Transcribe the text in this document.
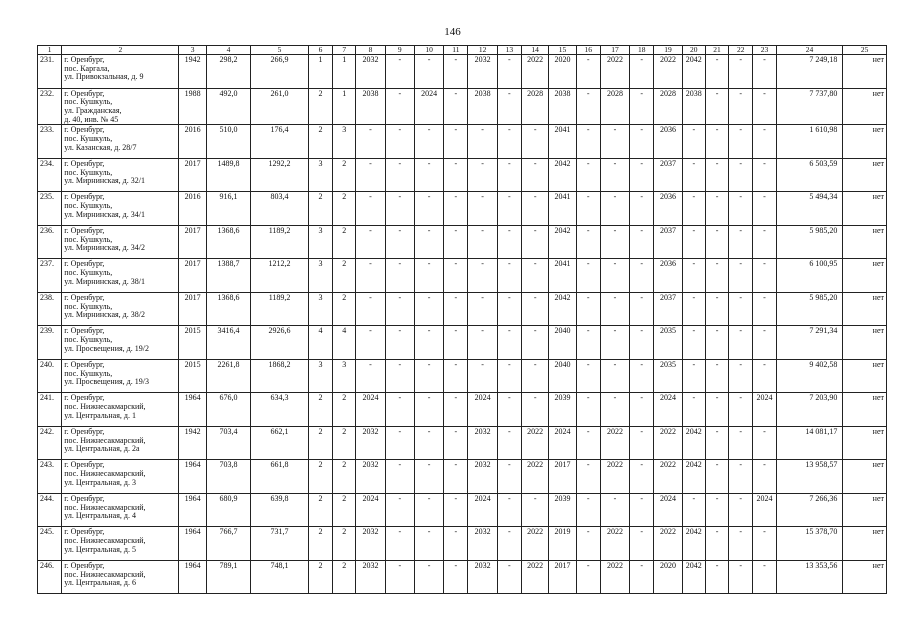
146
1	2	3	4	5	6	7	8	9	10	11	12	13	14	15	16	17	18	19	20	21	22	23	24	25
231.	г. Оренбург,
пос. Каргала,
ул. Привокзальная, д. 9	1942	298,2	266,9	1	1	2032	-	-	-	2032	-	2022	2020	-	2022	-	2022	2042	-	-	-	7 249,18	нет
232.	г. Оренбург,
пос. Кушкуль,
ул. Гражданская,
д. 40, инв. № 45	1988	492,0	261,0	2	1	2038	-	2024	-	2038	-	2028	2038	-	2028	-	2028	2038	-	-	-	7 737,80	нет
233.	г. Оренбург,
пос. Кушкуль,
ул. Казанская, д. 28/7	2016	510,0	176,4	2	3	-	-	-	-	-	-	-	2041	-	-	-	2036	-	-	-	-	1 610,98	нет
234.	г. Оренбург,
пос. Кушкуль,
ул. Мирнинская, д. 32/1	2017	1489,8	1292,2	3	2	-	-	-	-	-	-	-	2042	-	-	-	2037	-	-	-	-	6 503,59	нет
235.	г. Оренбург,
пос. Кушкуль,
ул. Мирнинская, д. 34/1	2016	916,1	803,4	2	2	-	-	-	-	-	-	-	2041	-	-	-	2036	-	-	-	-	5 494,34	нет
236.	г. Оренбург,
пос. Кушкуль,
ул. Мирнинская, д. 34/2	2017	1368,6	1189,2	3	2	-	-	-	-	-	-	-	2042	-	-	-	2037	-	-	-	-	5 985,20	нет
237.	г. Оренбург,
пос. Кушкуль,
ул. Мирнинская, д. 38/1	2017	1388,7	1212,2	3	2	-	-	-	-	-	-	-	2041	-	-	-	2036	-	-	-	-	6 100,95	нет
238.	г. Оренбург,
пос. Кушкуль,
ул. Мирнинская, д. 38/2	2017	1368,6	1189,2	3	2	-	-	-	-	-	-	-	2042	-	-	-	2037	-	-	-	-	5 985,20	нет
239.	г. Оренбург,
пос. Кушкуль,
ул. Просвещения, д. 19/2	2015	3416,4	2926,6	4	4	-	-	-	-	-	-	-	2040	-	-	-	2035	-	-	-	-	7 291,34	нет
240.	г. Оренбург,
пос. Кушкуль,
ул. Просвещения, д. 19/3	2015	2261,8	1868,2	3	3	-	-	-	-	-	-	-	2040	-	-	-	2035	-	-	-	-	9 402,58	нет
241.	г. Оренбург,
пос. Нижнесакмарский,
ул. Центральная, д. 1	1964	676,0	634,3	2	2	2024	-	-	-	2024	-	-	2039	-	-	-	2024	-	-	-	2024	7 203,90	нет
242.	г. Оренбург,
пос. Нижнесакмарский,
ул. Центральная, д. 2а	1942	703,4	662,1	2	2	2032	-	-	-	2032	-	2022	2024	-	2022	-	2022	2042	-	-	-	14 081,17	нет
243.	г. Оренбург,
пос. Нижнесакмарский,
ул. Центральная, д. 3	1964	703,8	661,8	2	2	2032	-	-	-	2032	-	2022	2017	-	2022	-	2022	2042	-	-	-	13 958,57	нет
244.	г. Оренбург,
пос. Нижнесакмарский,
ул. Центральная, д. 4	1964	680,9	639,8	2	2	2024	-	-	-	2024	-	-	2039	-	-	-	2024	-	-	-	2024	7 266,36	нет
245.	г. Оренбург,
пос. Нижнесакмарский,
ул. Центральная, д. 5	1964	766,7	731,7	2	2	2032	-	-	-	2032	-	2022	2019	-	2022	-	2022	2042	-	-	-	15 378,70	нет
246.	г. Оренбург,
пос. Нижнесакмарский,
ул. Центральная, д. 6	1964	789,1	748,1	2	2	2032	-	-	-	2032	-	2022	2017	-	2022	-	2020	2042	-	-	-	13 353,56	нет
